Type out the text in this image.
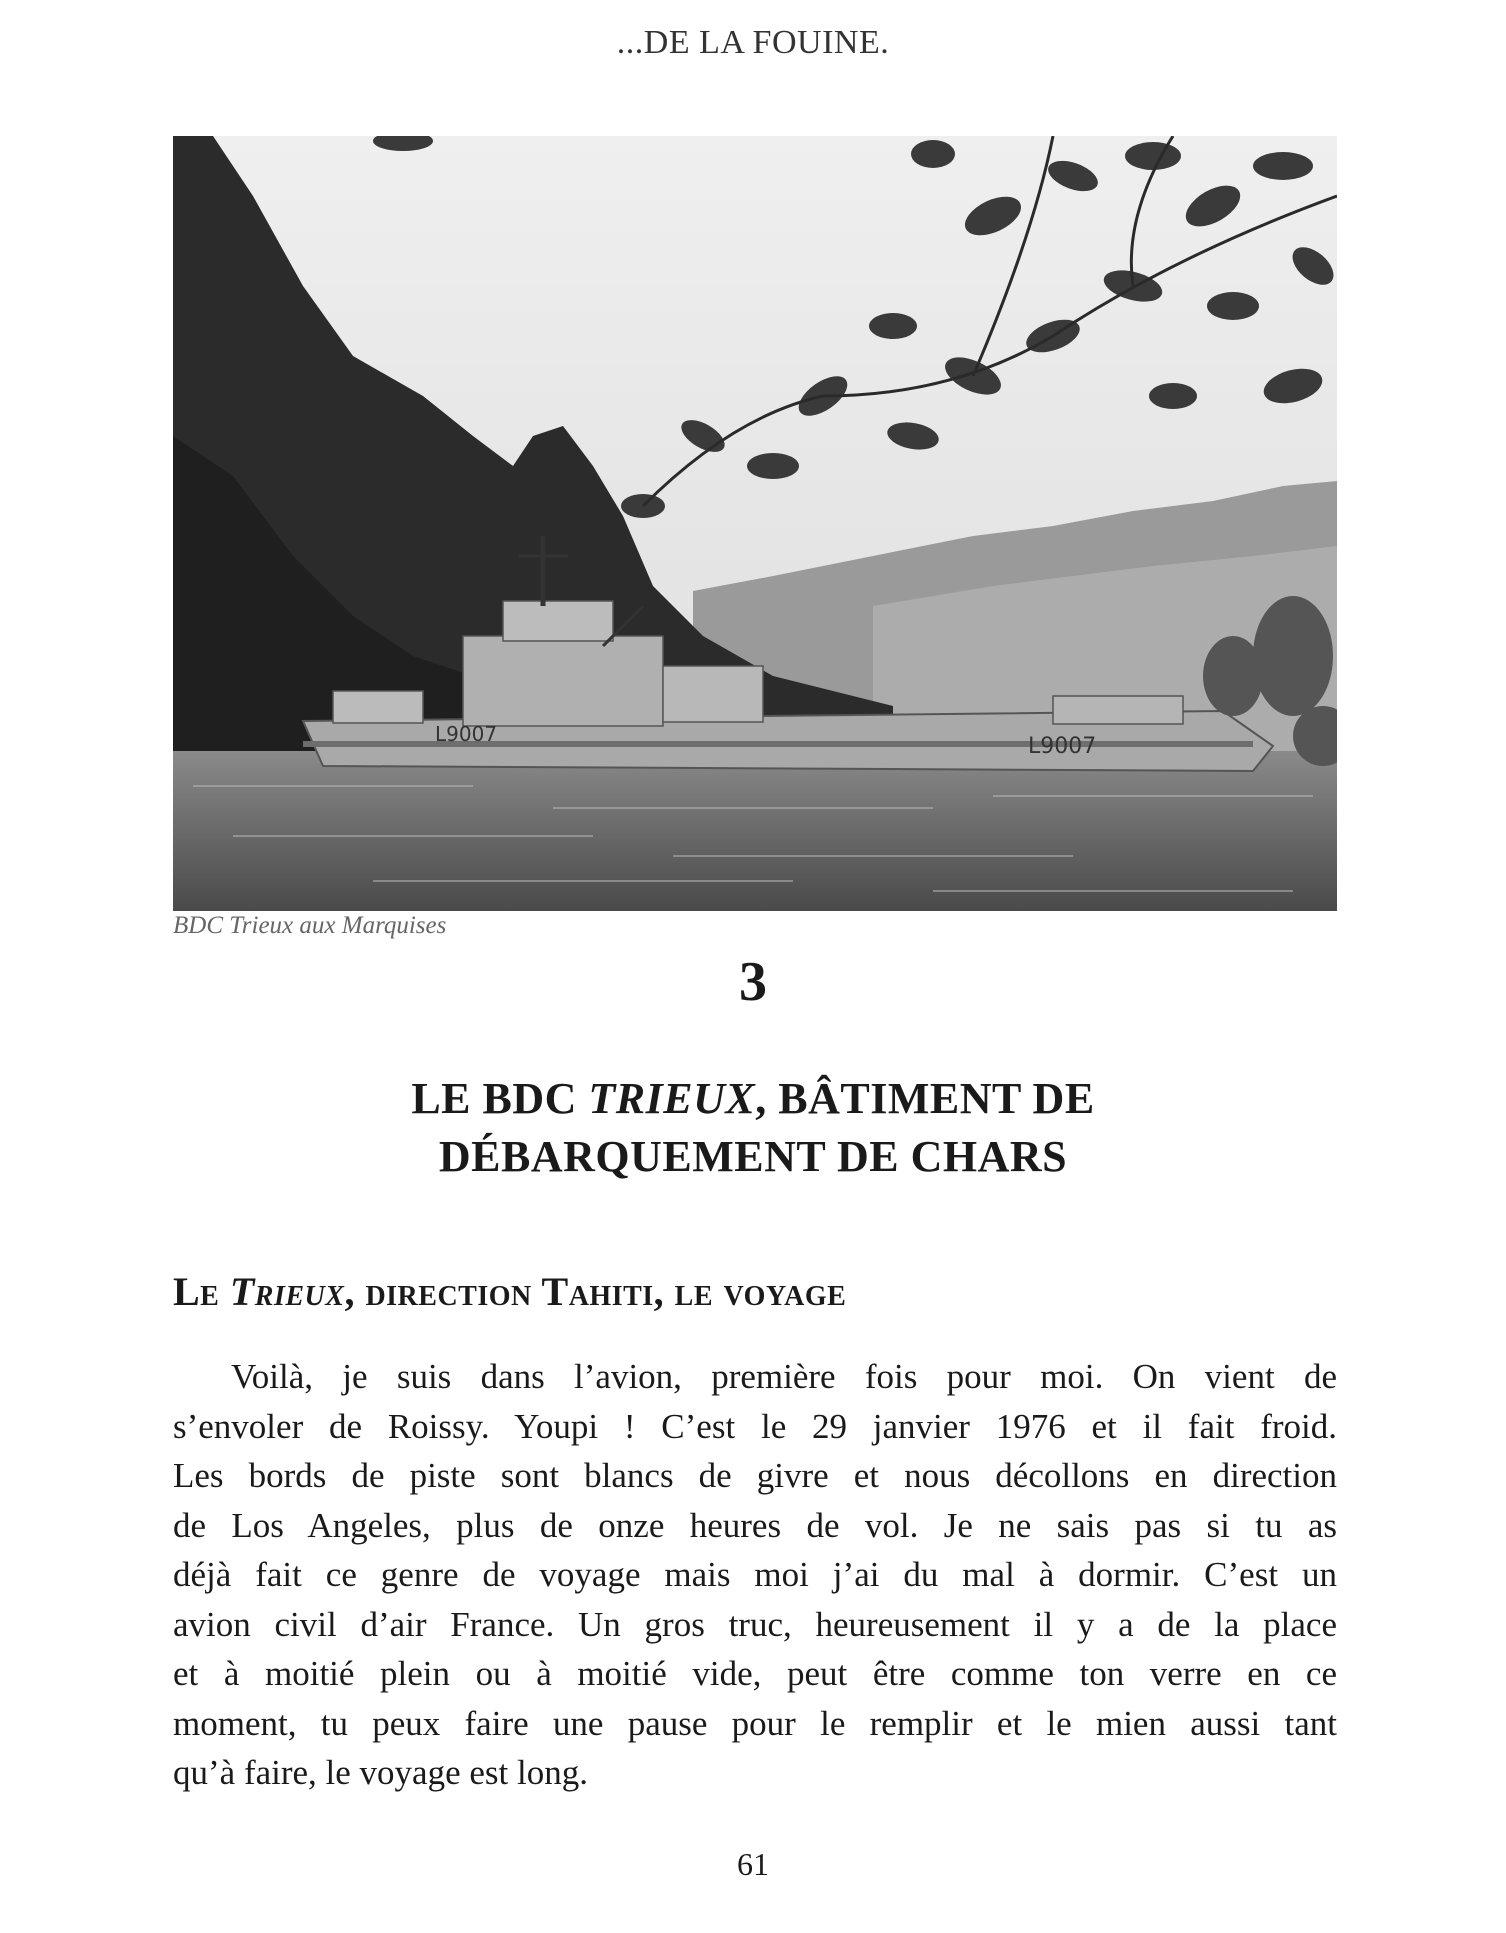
...DE LA FOUINE.
L9007	L9007
BDC Trieux aux Marquises
3
LE BDC TRIEUX, BÂTIMENT DE
DÉBARQUEMENT DE CHARS
Le Trieux, direction Tahiti, le voyage
Voilà, je suis dans l’avion, première fois pour moi. On vient de
s’envoler de Roissy. Youpi ! C’est le 29 janvier 1976 et il fait froid.
Les bords de piste sont blancs de givre et nous décollons en direction
de Los Angeles, plus de onze heures de vol. Je ne sais pas si tu as
déjà fait ce genre de voyage mais moi j’ai du mal à dormir. C’est un
avion civil d’air France. Un gros truc, heureusement il y a de la place
et à moitié plein ou à moitié vide, peut être comme ton verre en ce
moment, tu peux faire une pause pour le remplir et le mien aussi tant
qu’à faire, le voyage est long.
61
